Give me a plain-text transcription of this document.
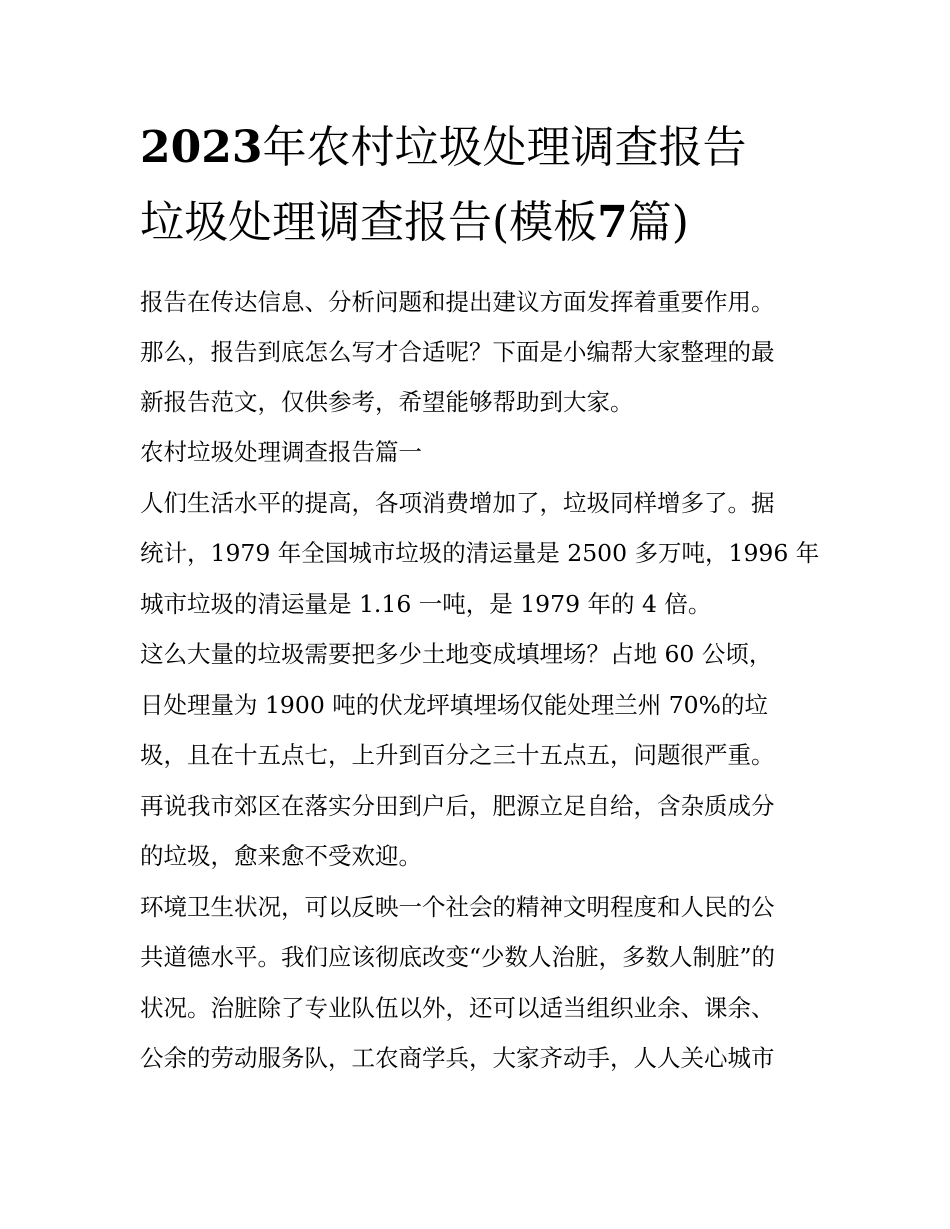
2023年农村垃圾处理调查报告
垃圾处理调查报告(模板7篇)

报告在传达信息、分析问题和提出建议方面发挥着重要作用。

那么，报告到底怎么写才合适呢？下面是小编帮大家整理的最

新报告范文，仅供参考，希望能够帮助到大家。

农村垃圾处理调查报告篇一

人们生活水平的提高，各项消费增加了，垃圾同样增多了。据

统计，1979 年全国城市垃圾的清运量是 2500 多万吨，1996 年

城市垃圾的清运量是 1.16 一吨，是 1979 年的 4 倍。

这么大量的垃圾需要把多少土地变成填埋场？占地 60 公顷，

日处理量为 1900 吨的伏龙坪填埋场仅能处理兰州 70%的垃

圾，且在十五点七，上升到百分之三十五点五，问题很严重。

再说我市郊区在落实分田到户后，肥源立足自给，含杂质成分

的垃圾，愈来愈不受欢迎。

环境卫生状况，可以反映一个社会的精神文明程度和人民的公

共道德水平。我们应该彻底改变“少数人治脏，多数人制脏”的

状况。治脏除了专业队伍以外，还可以适当组织业余、课余、

公余的劳动服务队，工农商学兵，大家齐动手，人人关心城市
